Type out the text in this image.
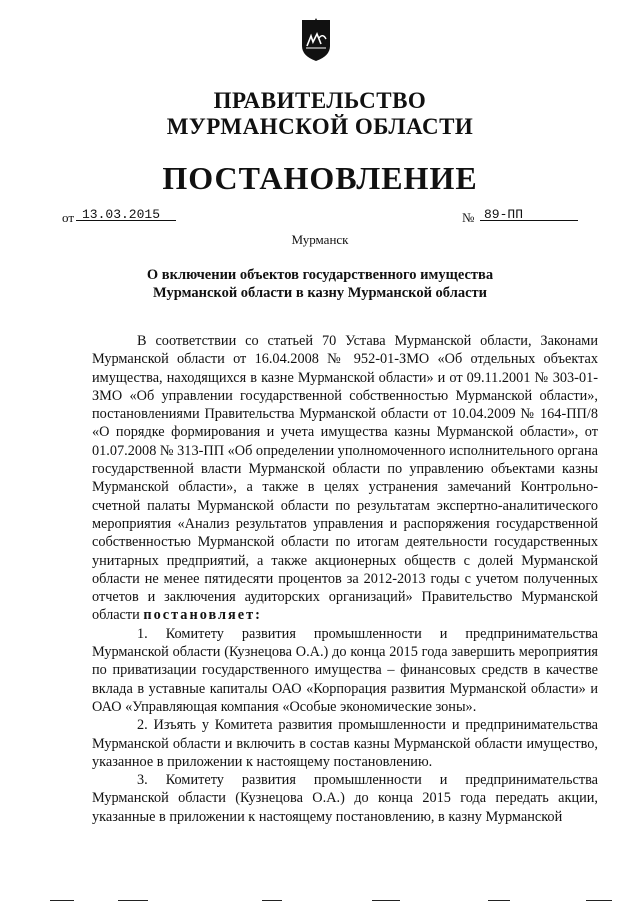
ПРАВИТЕЛЬСТВО
МУРМАНСКОЙ ОБЛАСТИ
ПОСТАНОВЛЕНИЕ
от 13.03.2015	№ 89-ПП
Мурманск
О включении объектов государственного имущества Мурманской области в казну Мурманской области

В соответствии со статьей 70 Устава Мурманской области, Законами Мурманской области от 16.04.2008 № 952-01-ЗМО «Об отдельных объектах имущества, находящихся в казне Мурманской области» и от 09.11.2001 № 303-01-ЗМО «Об управлении государственной собственностью Мурманской области», постановлениями Правительства Мурманской области от 10.04.2009 № 164-ПП/8 «О порядке формирования и учета имущества казны Мурманской области», от 01.07.2008 № 313-ПП «Об определении уполномоченного исполнительного органа государственной власти Мурманской области по управлению объектами казны Мурманской области», а также в целях устранения замечаний Контрольно-счетной палаты Мурманской области по результатам экспертно-аналитического мероприятия «Анализ результатов управления и распоряжения государственной собственностью Мурманской области по итогам деятельности государственных унитарных предприятий, а также акционерных обществ с долей Мурманской области не менее пятидесяти процентов за 2012-2013 годы с учетом полученных отчетов и заключения аудиторских организаций» Правительство Мурманской области постановляет:

1. Комитету развития промышленности и предпринимательства Мурманской области (Кузнецова О.А.) до конца 2015 года завершить мероприятия по приватизации государственного имущества – финансовых средств в качестве вклада в уставные капиталы ОАО «Корпорация развития Мурманской области» и ОАО «Управляющая компания «Особые экономические зоны».

2. Изъять у Комитета развития промышленности и предпринимательства Мурманской области и включить в состав казны Мурманской области имущество, указанное в приложении к настоящему постановлению.

3. Комитету развития промышленности и предпринимательства Мурманской области (Кузнецова О.А.) до конца 2015 года передать акции, указанные в приложении к настоящему постановлению, в казну Мурманской
